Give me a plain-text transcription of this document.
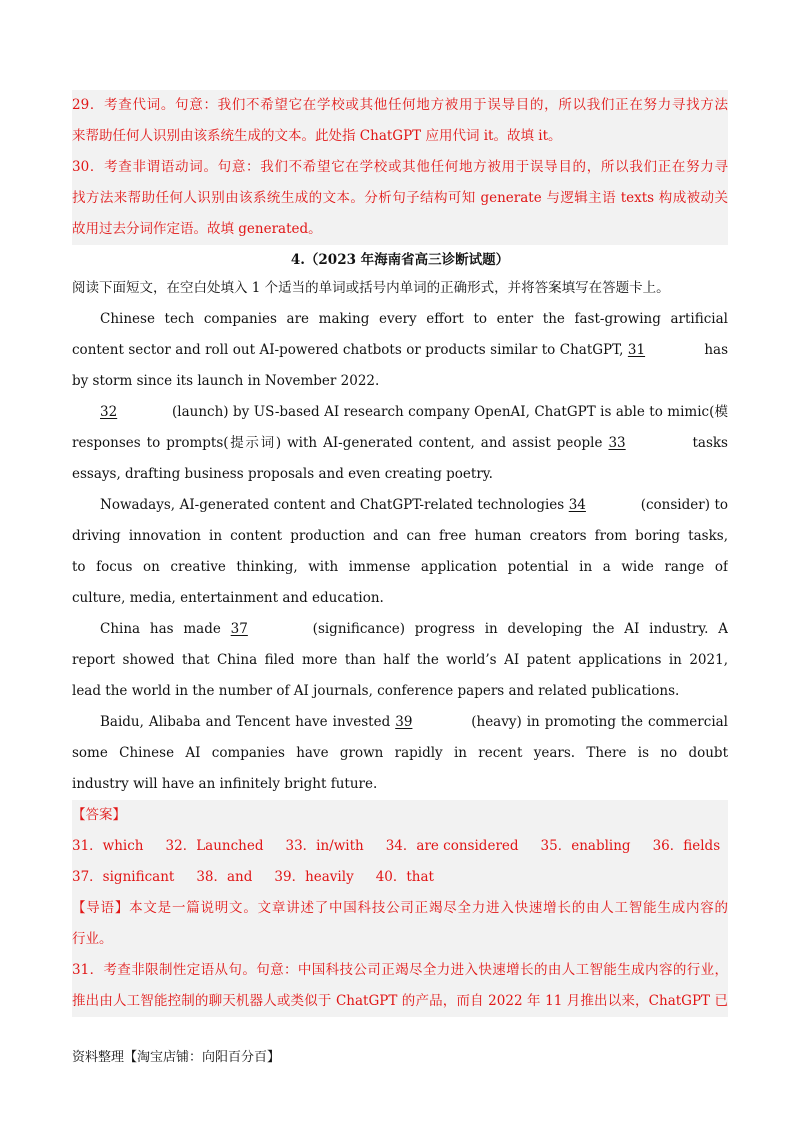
29．考查代词。句意：我们不希望它在学校或其他任何地方被用于误导目的，所以我们正在努力寻找方法
来帮助任何人识别由该系统生成的文本。此处指 ChatGPT 应用代词 it。故填 it。
30．考查非谓语动词。句意：我们不希望它在学校或其他任何地方被用于误导目的，所以我们正在努力寻
找方法来帮助任何人识别由该系统生成的文本。分析句子结构可知 generate 与逻辑主语 texts 构成被动关
故用过去分词作定语。故填 generated。
4.（2023 年海南省高三诊断试题）
阅读下面短文，在空白处填入 1 个适当的单词或括号内单词的正确形式，并将答案填写在答题卡上。
Chinese tech companies are making every effort to enter the fast-growing artificial
content sector and roll out AI-powered chatbots or products similar to ChatGPT, 31	has
by storm since its launch in November 2022.
32	(launch) by US-based AI research company OpenAI, ChatGPT is able to mimic(模
responses to prompts(提示词) with AI-generated content, and assist people 33	tasks
essays, drafting business proposals and even creating poetry.
Nowadays, AI-generated content and ChatGPT-related technologies 34	(consider) to
driving innovation in content production and can free human creators from boring tasks,
to focus on creative thinking, with immense application potential in a wide range of
culture, media, entertainment and education.
China has made 37	(significance) progress in developing the AI industry. A
report showed that China filed more than half the world’s AI patent applications in 2021,
lead the world in the number of AI journals, conference papers and related publications.
Baidu, Alibaba and Tencent have invested 39	(heavy) in promoting the commercial
some Chinese AI companies have grown rapidly in recent years. There is no doubt
industry will have an infinitely bright future.
【答案】
31．which 32．Launched 33．in/with 34．are considered 35．enabling 36．fields
37．significant 38．and 39．heavily 40．that
【导语】本文是一篇说明文。文章讲述了中国科技公司正竭尽全力进入快速增长的由人工智能生成内容的
行业。
31．考查非限制性定语从句。句意：中国科技公司正竭尽全力进入快速增长的由人工智能生成内容的行业，
推出由人工智能控制的聊天机器人或类似于 ChatGPT 的产品，而自 2022 年 11 月推出以来，ChatGPT 已
资料整理【淘宝店铺：向阳百分百】
